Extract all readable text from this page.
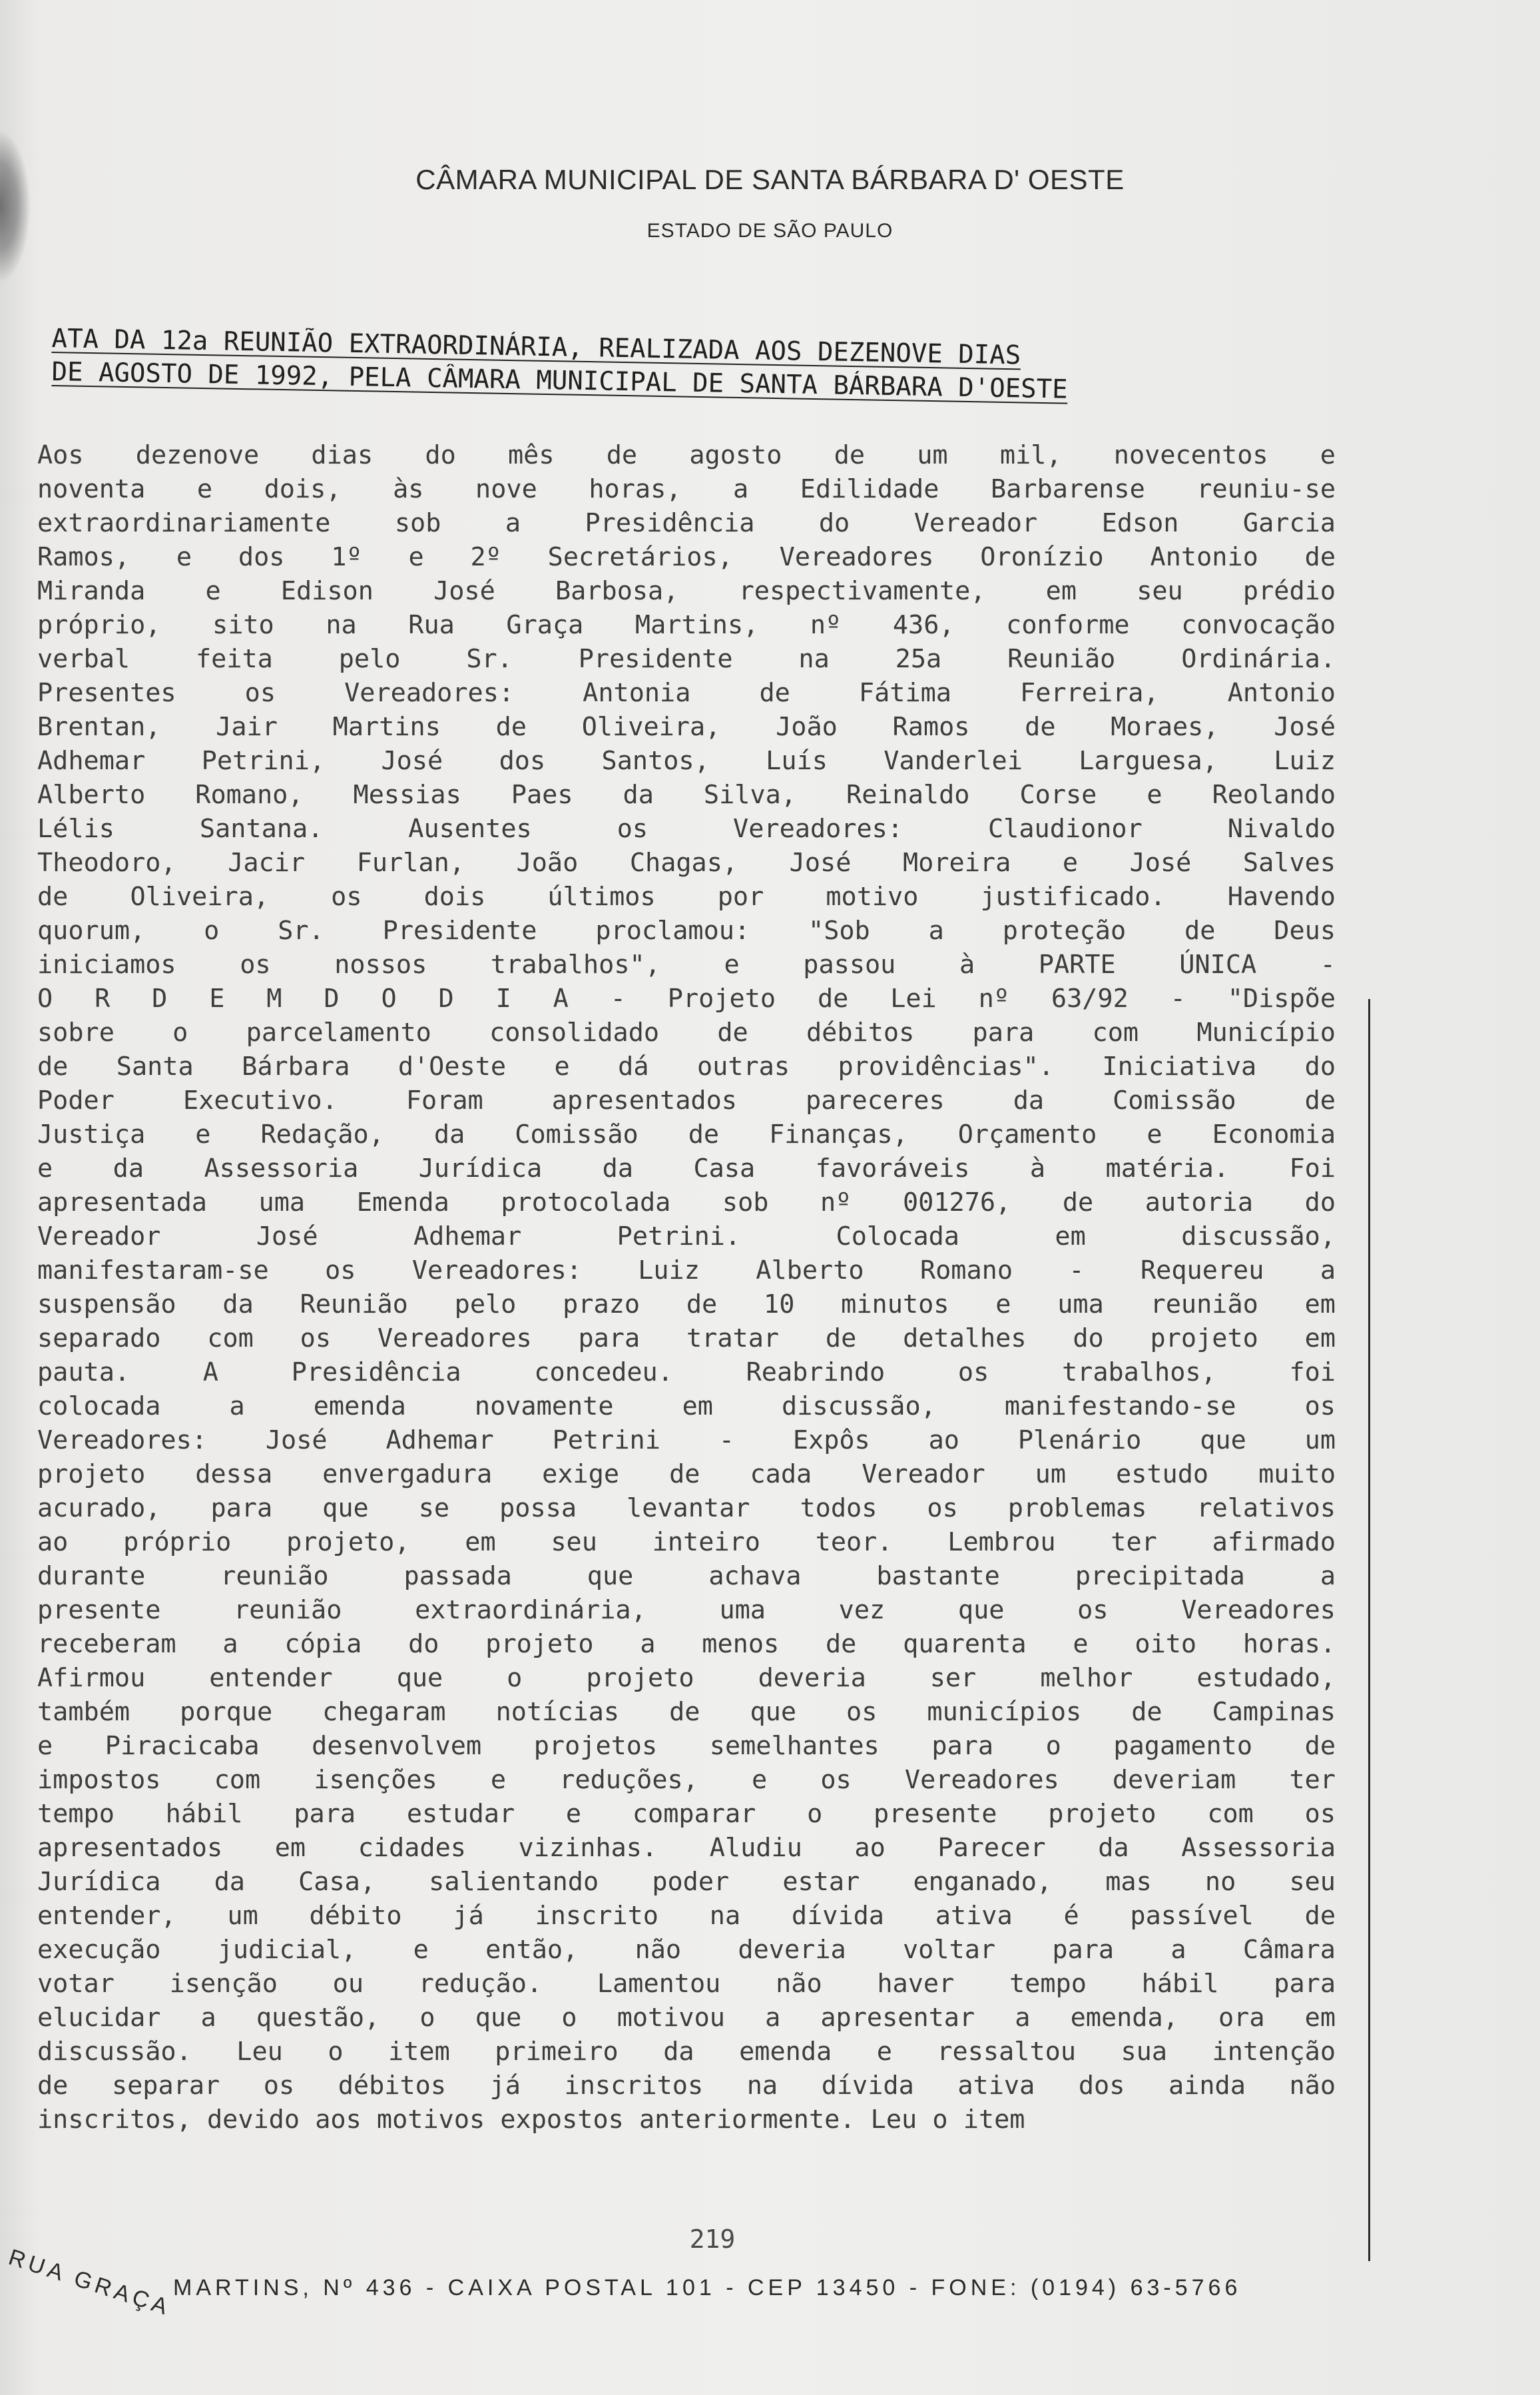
CÂMARA MUNICIPAL DE SANTA BÁRBARA D' OESTE
ESTADO DE SÃO PAULO
ATA DA 12a REUNIÃO EXTRAORDINÁRIA, REALIZADA AOS DEZENOVE DIAS
DE AGOSTO DE 1992, PELA CÂMARA MUNICIPAL DE SANTA BÁRBARA D'OESTE
Aos dezenove dias do mês de agosto de um mil, novecentos e
noventa e dois, às nove horas, a Edilidade Barbarense reuniu-se
extraordinariamente sob a Presidência do Vereador Edson Garcia
Ramos, e dos 1º e 2º Secretários, Vereadores Oronízio Antonio de
Miranda e Edison José Barbosa, respectivamente, em seu prédio
próprio, sito na Rua Graça Martins, nº 436, conforme convocação
verbal feita pelo Sr. Presidente na 25a Reunião Ordinária.
Presentes os Vereadores: Antonia de Fátima Ferreira, Antonio
Brentan, Jair Martins de Oliveira, João Ramos de Moraes, José
Adhemar Petrini, José dos Santos, Luís Vanderlei Larguesa, Luiz
Alberto Romano, Messias Paes da Silva, Reinaldo Corse e Reolando
Lélis Santana. Ausentes os Vereadores: Claudionor Nivaldo
Theodoro, Jacir Furlan, João Chagas, José Moreira e José Salves
de Oliveira, os dois últimos por motivo justificado. Havendo
quorum, o Sr. Presidente proclamou: "Sob a proteção de Deus
iniciamos os nossos trabalhos", e passou à PARTE ÚNICA -
O R D E M D O D I A - Projeto de Lei nº 63/92 - "Dispõe
sobre o parcelamento consolidado de débitos para com Município
de Santa Bárbara d'Oeste e dá outras providências". Iniciativa do
Poder Executivo. Foram apresentados pareceres da Comissão de
Justiça e Redação, da Comissão de Finanças, Orçamento e Economia
e da Assessoria Jurídica da Casa favoráveis à matéria. Foi
apresentada uma Emenda protocolada sob nº 001276, de autoria do
Vereador José Adhemar Petrini. Colocada em discussão,
manifestaram-se os Vereadores: Luiz Alberto Romano - Requereu a
suspensão da Reunião pelo prazo de 10 minutos e uma reunião em
separado com os Vereadores para tratar de detalhes do projeto em
pauta. A Presidência concedeu. Reabrindo os trabalhos, foi
colocada a emenda novamente em discussão, manifestando-se os
Vereadores: José Adhemar Petrini - Expôs ao Plenário que um
projeto dessa envergadura exige de cada Vereador um estudo muito
acurado, para que se possa levantar todos os problemas relativos
ao próprio projeto, em seu inteiro teor. Lembrou ter afirmado
durante reunião passada que achava bastante precipitada a
presente reunião extraordinária, uma vez que os Vereadores
receberam a cópia do projeto a menos de quarenta e oito horas.
Afirmou entender que o projeto deveria ser melhor estudado,
também porque chegaram notícias de que os municípios de Campinas
e Piracicaba desenvolvem projetos semelhantes para o pagamento de
impostos com isenções e reduções, e os Vereadores deveriam ter
tempo hábil para estudar e comparar o presente projeto com os
apresentados em cidades vizinhas. Aludiu ao Parecer da Assessoria
Jurídica da Casa, salientando poder estar enganado, mas no seu
entender, um débito já inscrito na dívida ativa é passível de
execução judicial, e então, não deveria voltar para a Câmara
votar isenção ou redução. Lamentou não haver tempo hábil para
elucidar a questão, o que o motivou a apresentar a emenda, ora em
discussão. Leu o item primeiro da emenda e ressaltou sua intenção
de separar os débitos já inscritos na dívida ativa dos ainda não
inscritos, devido aos motivos expostos anteriormente. Leu o item
219
RUA GRAÇA
MARTINS, Nº 436 - CAIXA POSTAL 101 - CEP 13450 - FONE: (0194) 63-5766
